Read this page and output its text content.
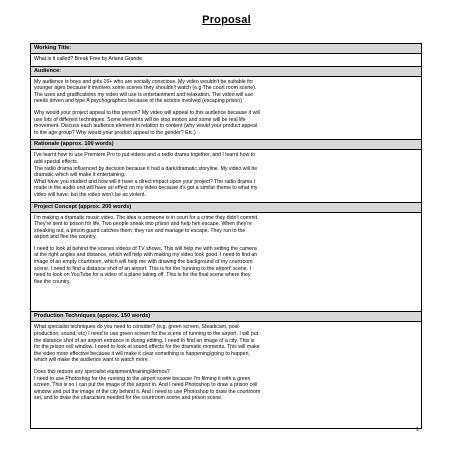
Proposal
Working Title:

What is it called? Break Free by Ariana Grande

Audience:

My audience is boys and girls 16+ who are socially conscious. My video wouldn't be suitable for
younger ages because it involves some scenes they shouldn't watch (e.g The court room scene).
The uses and gratifications my video will use is entertainment and relaxation. The video will use
needs driven and type A psychographics because of the actions involved (escaping prison)

Why would your project appeal to this person? My video will appeal to this audience because it will
use lots of different techniques. Some elements will be stop motion and some will be real life
movement. Discuss each audience element in relation to content (why would your product appeal
to the age group? Why would your product appeal to the gender? Etc.)

Rationale (approx. 100 words)

I've learnt how to use Premiere Pro to put videos and a radio drama together, and I learnt how to
add special effects.
The radio drama influenced by decision because it had a dark/dramatic storyline. My video will be
dramatic which will make it entertaining.
What have you studied and how will it have a direct impact upon your project? The radio drama I
made in the audio unit will have an effect on my video because it's got a similar theme to what my
video will have, but the video won't be as violent.

Project Concept (approx. 200 words)

I'm making a dramatic music video. The idea is someone is in court for a crime they didn't commit.
They're sent to prison for life. Two people sneak into prison and help him escape. When they're
sneaking out, a prison guard catches them; they run and manage to escape. They run to the
airport and flee the country.

I need to look at behind the scenes videos of TV shows. This will help me with setting the camera
at the right angles and distance, which will help with making my video look good. I need to find an
image of an empty courtroom, which will help me with drawing the background of my courtroom
scene. I need to find a distance shot of an airport. This is for the 'running to the airport' scene. I
need to look on YouTube for a video of a plane taking off. This is for the final scene where they
flee the country.

Production Techniques (approx. 150 words)

What specialist techniques do you need to consider? (e.g. green screen, Steadicam, post-
production, sound, etc) I need to use green screen for the scene of running to the airport. I will put
the distance shot of an airport entrance in during editing. I need to find an image of a city. This is
for the prison cell window. I need to look at sound effects for the dramatic moments. This will make
the video more effective because it will make it clear something is happening/going to happen,
which will make the audience want to watch more.

Does this require any specialist equipment/training/demos?
I need to use Photoshop for the running to the airport scene because I'm filming it with a green
screen. This is so I can put the image of the airport in. And I need Photoshop to draw a prison cell
window and put the image of the city behind it. And I need to use Photoshop to draw the courtroom
set, and to draw the characters needed for the courtroom scene and prison scene.

1
